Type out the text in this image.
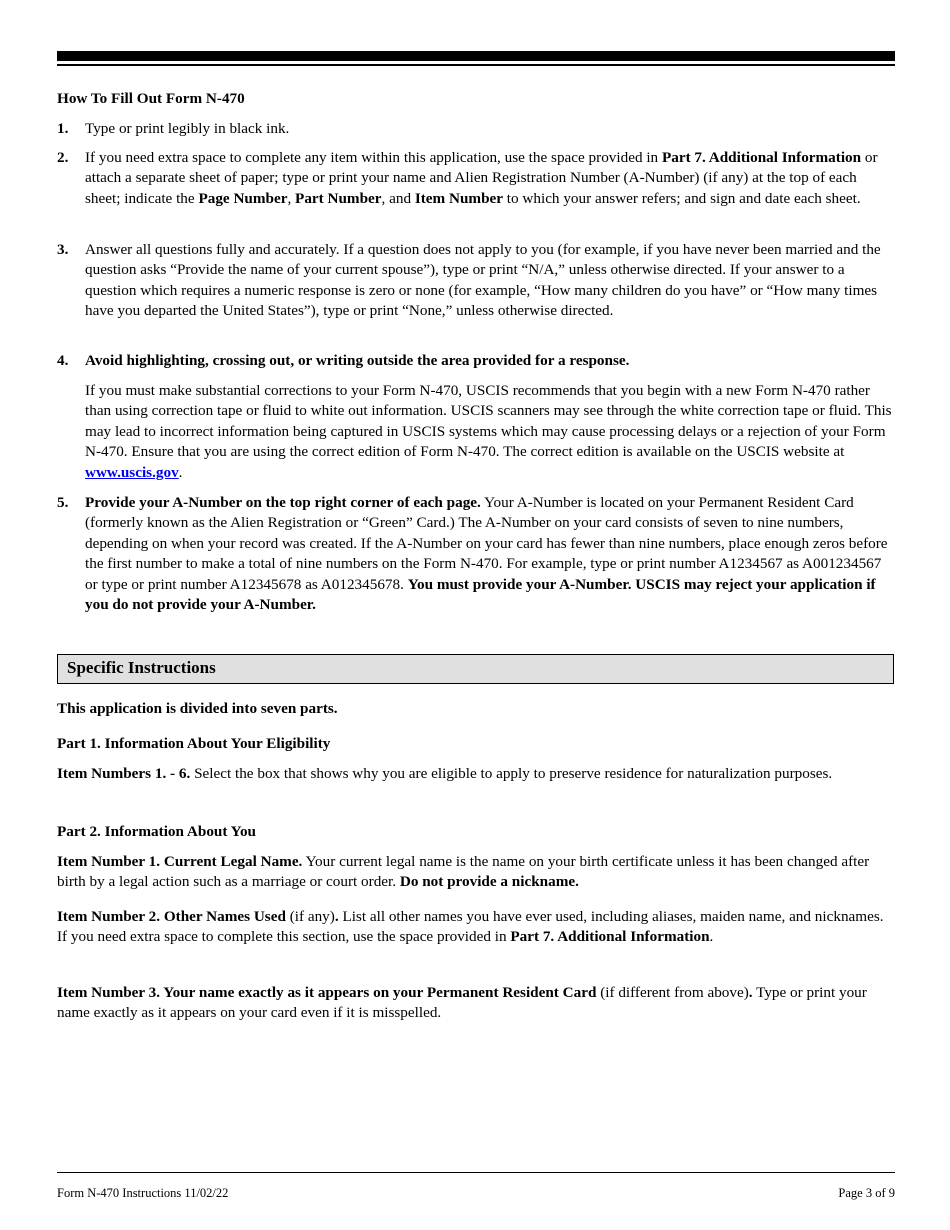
How To Fill Out Form N-470
1. Type or print legibly in black ink.
2. If you need extra space to complete any item within this application, use the space provided in Part 7. Additional Information or attach a separate sheet of paper; type or print your name and Alien Registration Number (A-Number) (if any) at the top of each sheet; indicate the Page Number, Part Number, and Item Number to which your answer refers; and sign and date each sheet.
3. Answer all questions fully and accurately. If a question does not apply to you (for example, if you have never been married and the question asks “Provide the name of your current spouse”), type or print “N/A,” unless otherwise directed. If your answer to a question which requires a numeric response is zero or none (for example, “How many children do you have” or “How many times have you departed the United States”), type or print “None,” unless otherwise directed.
4. Avoid highlighting, crossing out, or writing outside the area provided for a response.
If you must make substantial corrections to your Form N-470, USCIS recommends that you begin with a new Form N-470 rather than using correction tape or fluid to white out information. USCIS scanners may see through the white correction tape or fluid. This may lead to incorrect information being captured in USCIS systems which may cause processing delays or a rejection of your Form N-470. Ensure that you are using the correct edition of Form N-470. The correct edition is available on the USCIS website at www.uscis.gov.
5. Provide your A-Number on the top right corner of each page. Your A-Number is located on your Permanent Resident Card (formerly known as the Alien Registration or “Green” Card.) The A-Number on your card consists of seven to nine numbers, depending on when your record was created. If the A-Number on your card has fewer than nine numbers, place enough zeros before the first number to make a total of nine numbers on the Form N-470. For example, type or print number A1234567 as A001234567 or type or print number A12345678 as A012345678. You must provide your A-Number. USCIS may reject your application if you do not provide your A-Number.
Specific Instructions
This application is divided into seven parts.
Part 1. Information About Your Eligibility
Item Numbers 1. - 6. Select the box that shows why you are eligible to apply to preserve residence for naturalization purposes.
Part 2. Information About You
Item Number 1. Current Legal Name. Your current legal name is the name on your birth certificate unless it has been changed after birth by a legal action such as a marriage or court order. Do not provide a nickname.
Item Number 2. Other Names Used (if any). List all other names you have ever used, including aliases, maiden name, and nicknames. If you need extra space to complete this section, use the space provided in Part 7. Additional Information.
Item Number 3. Your name exactly as it appears on your Permanent Resident Card (if different from above). Type or print your name exactly as it appears on your card even if it is misspelled.
Form N-470 Instructions 11/02/22	Page 3 of 9
